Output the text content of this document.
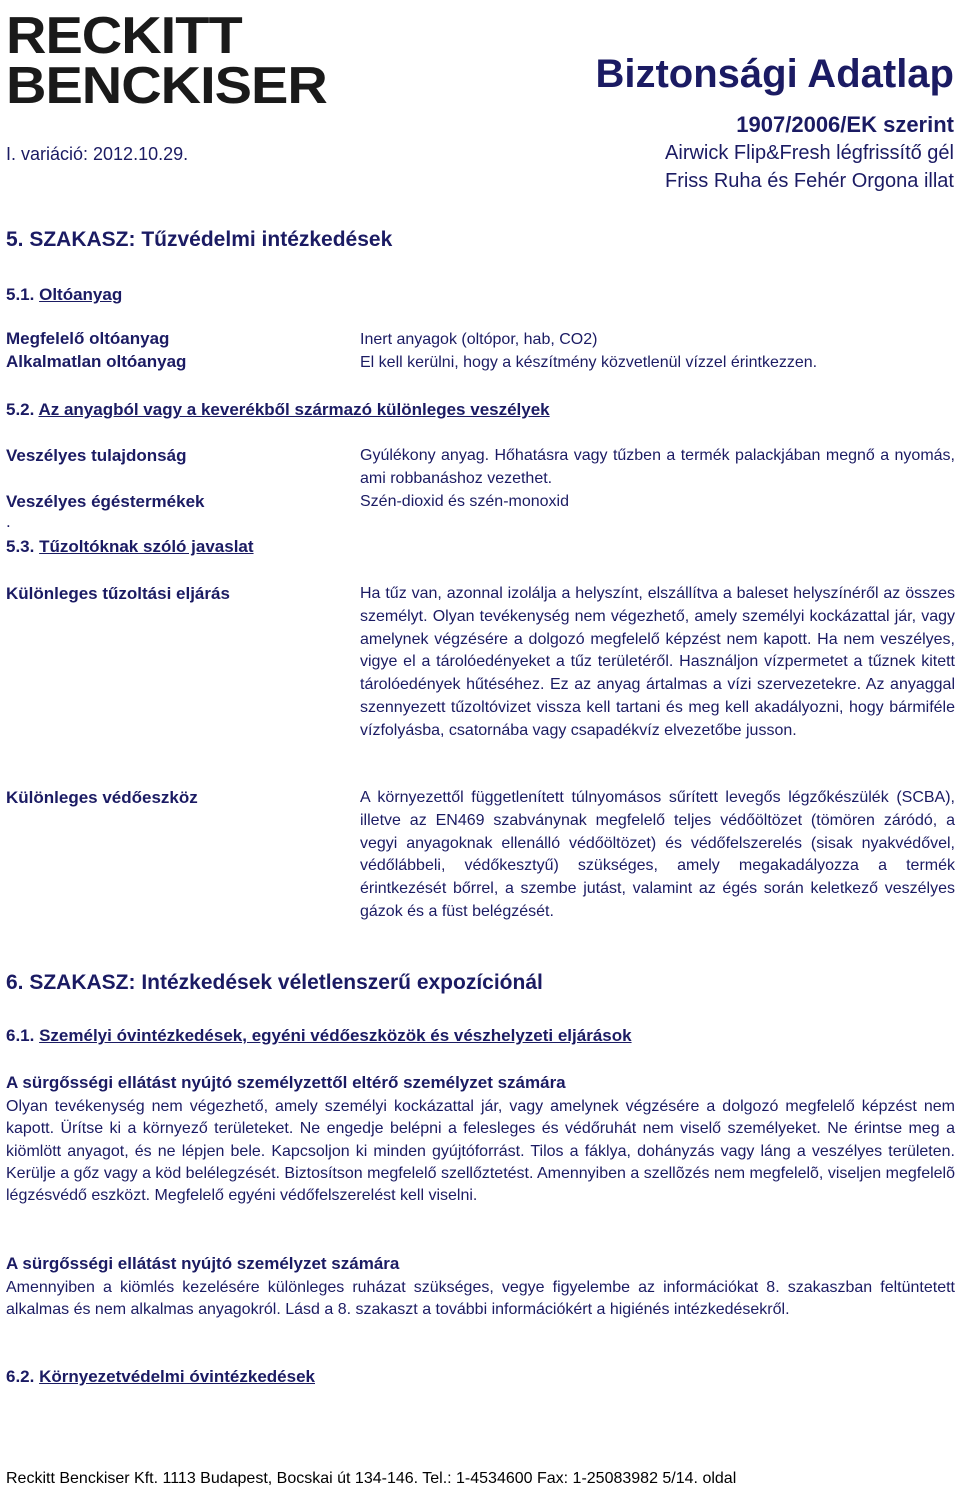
RECKITT
BENCKISER	Biztonsági Adatlap
1907/2006/EK szerint
I. variáció: 2012.10.29.	Airwick Flip&Fresh légfrissítő gél
Friss Ruha és Fehér Orgona illat
5. SZAKASZ: Tűzvédelmi intézkedések
5.1. Oltóanyag
Megfelelő oltóanyag	Inert anyagok (oltópor, hab, CO2)
Alkalmatlan oltóanyag	El kell kerülni, hogy a készítmény közvetlenül vízzel érintkezzen.
5.2. Az anyagból vagy a keverékből származó különleges veszélyek
Veszélyes tulajdonság	Gyúlékony anyag. Hőhatásra vagy tűzben a termék palackjában megnő a nyomás, ami robbanáshoz vezethet.
Veszélyes égéstermékek	Szén-dioxid és szén-monoxid
.
5.3. Tűzoltóknak szóló javaslat
Különleges tűzoltási eljárás	Ha tűz van, azonnal izolálja a helyszínt, elszállítva a baleset helyszínéről az összes személyt. Olyan tevékenység nem végezhető, amely személyi kockázattal jár, vagy amelynek végzésére a dolgozó megfelelő képzést nem kapott. Ha nem veszélyes, vigye el a tárolóedényeket a tűz területéről. Használjon vízpermetet a tűznek kitett tárolóedények hűtéséhez. Ez az anyag ártalmas a vízi szervezetekre. Az anyaggal szennyezett tűzoltóvizet vissza kell tartani és meg kell akadályozni, hogy bármiféle vízfolyásba, csatornába vagy csapadékvíz elvezetőbe jusson.
Különleges védőeszköz	A környezettől függetlenített túlnyomásos sűrített levegős légzőkészülék (SCBA), illetve az EN469 szabványnak megfelelő teljes védőöltözet (tömören záródó, a vegyi anyagoknak ellenálló védőöltözet) és védőfelszerelés (sisak nyakvédővel, védőlábbeli, védőkesztyű) szükséges, amely megakadályozza a termék érintkezését bőrrel, a szembe jutást, valamint az égés során keletkező veszélyes gázok és a füst belégzését.
6. SZAKASZ: Intézkedések véletlenszerű expozíciónál
6.1. Személyi óvintézkedések, egyéni védőeszközök és vészhelyzeti eljárások
A sürgősségi ellátást nyújtó személyzettől eltérő személyzet számára
Olyan tevékenység nem végezhető, amely személyi kockázattal jár, vagy amelynek végzésére a dolgozó megfelelő képzést nem kapott. Ürítse ki a környező területeket. Ne engedje belépni a felesleges és védőruhát nem viselő személyeket. Ne érintse meg a kiömlött anyagot, és ne lépjen bele. Kapcsoljon ki minden gyújtóforrást. Tilos a fáklya, dohányzás vagy láng a veszélyes területen. Kerülje a gőz vagy a köd belélegzését. Biztosítson megfelelő szellőztetést. Amennyiben a szellõzés nem megfelelõ, viseljen megfelelõ légzésvédő eszközt. Megfelelő egyéni védőfelszerelést kell viselni.
A sürgősségi ellátást nyújtó személyzet számára
Amennyiben a kiömlés kezelésére különleges ruházat szükséges, vegye figyelembe az információkat 8. szakaszban feltüntetett alkalmas és nem alkalmas anyagokról. Lásd a 8. szakaszt a további információkért a higiénés intézkedésekről.
6.2. Környezetvédelmi óvintézkedések
Reckitt Benckiser Kft. 1113 Budapest, Bocskai út 134-146. Tel.: 1-4534600 Fax: 1-25083982 5/14. oldal
